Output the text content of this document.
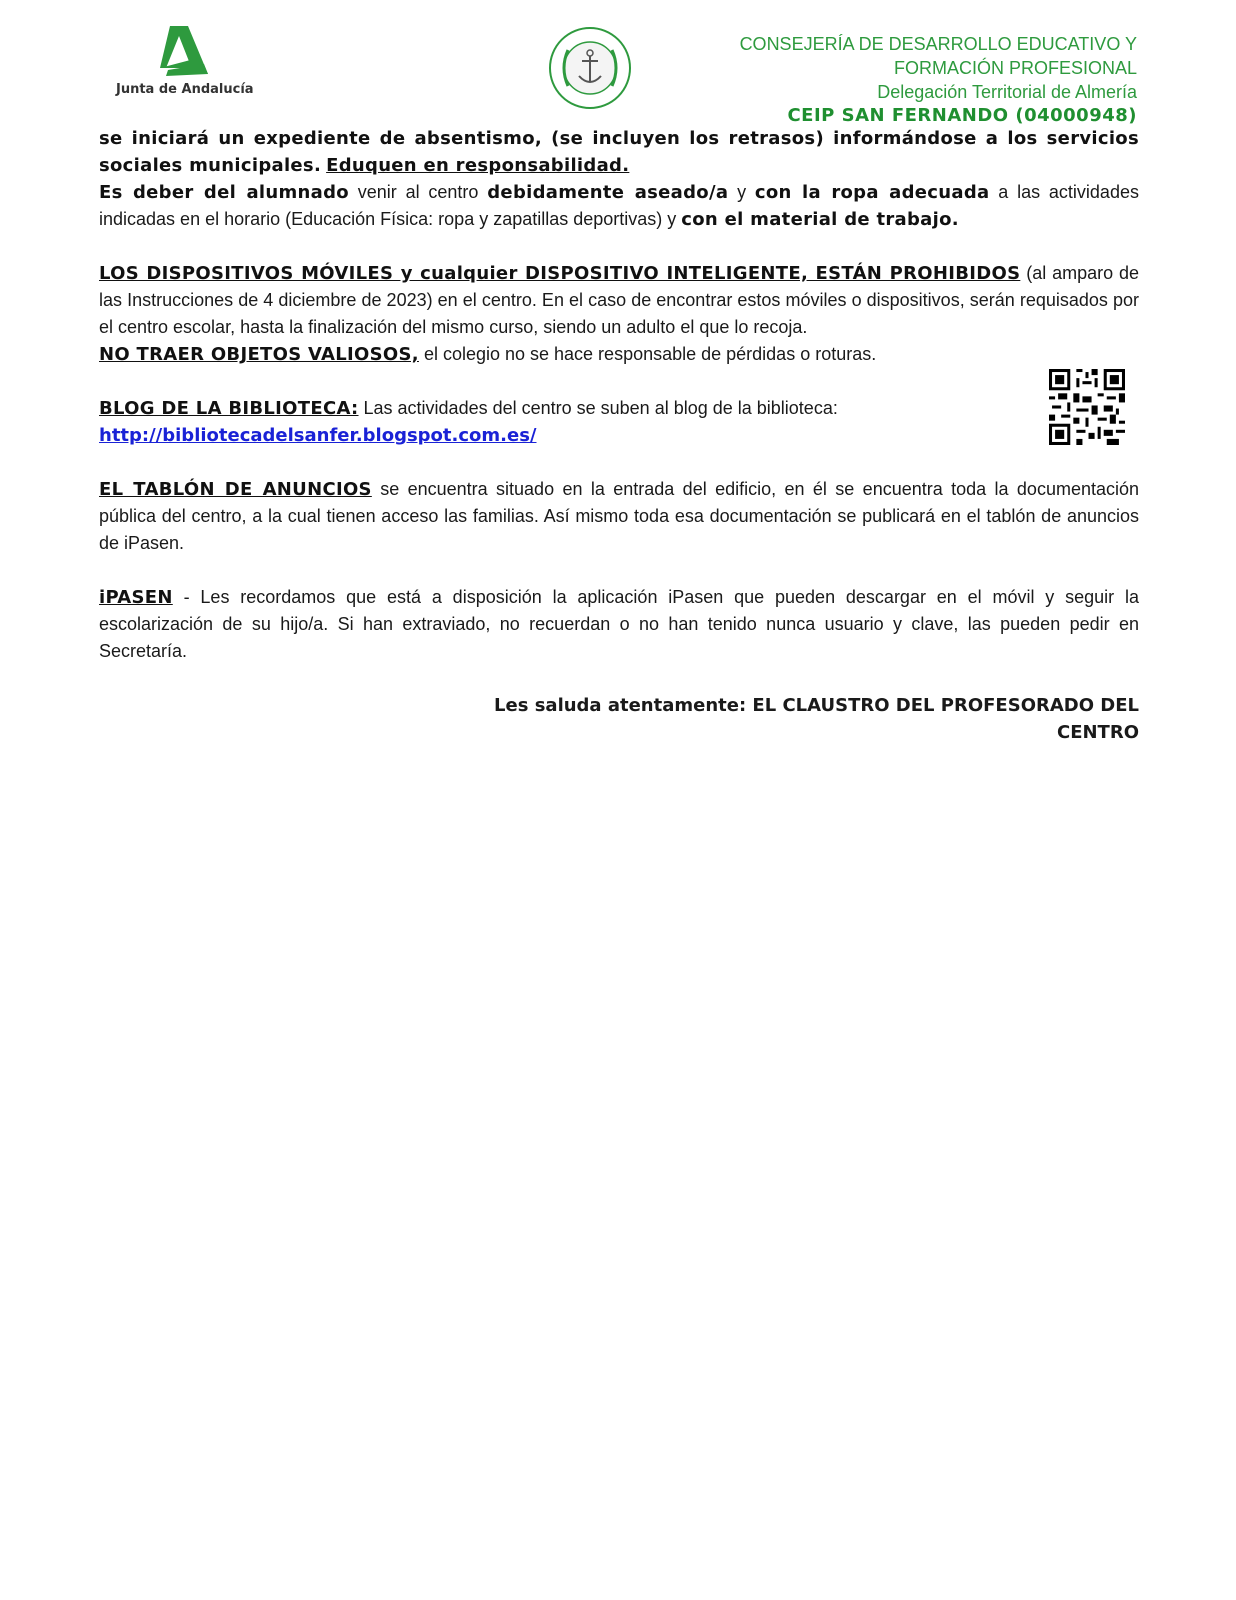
Junta de Andalucía
CONSEJERÍA DE DESARROLLO EDUCATIVO Y
FORMACIÓN PROFESIONAL
Delegación Territorial de Almería
CEIP SAN FERNANDO (04000948)

se iniciará un expediente de absentismo, (se incluyen los retrasos) informándose a los servicios sociales municipales. Eduquen en responsabilidad.

Es deber del alumnado venir al centro debidamente aseado/a y con la ropa adecuada a las actividades indicadas en el horario (Educación Física: ropa y zapatillas deportivas) y con el material de trabajo.

LOS DISPOSITIVOS MÓVILES y cualquier DISPOSITIVO INTELIGENTE, ESTÁN PROHIBIDOS (al amparo de las Instrucciones de 4 diciembre de 2023) en el centro. En el caso de encontrar estos móviles o dispositivos, serán requisados por el centro escolar, hasta la finalización del mismo curso, siendo un adulto el que lo recoja.

NO TRAER OBJETOS VALIOSOS, el colegio no se hace responsable de pérdidas o roturas.

BLOG DE LA BIBLIOTECA: Las actividades del centro se suben al blog de la biblioteca:

http://bibliotecadelsanfer.blogspot.com.es/

EL TABLÓN DE ANUNCIOS se encuentra situado en la entrada del edificio, en él se encuentra toda la documentación pública del centro, a la cual tienen acceso las familias. Así mismo toda esa documentación se publicará en el tablón de anuncios de iPasen.

iPASEN - Les recordamos que está a disposición la aplicación iPasen que pueden descargar en el móvil y seguir la escolarización de su hijo/a. Si han extraviado, no recuerdan o no han tenido nunca usuario y clave, las pueden pedir en Secretaría.

Les saluda atentamente: EL CLAUSTRO DEL PROFESORADO DEL
CENTRO
